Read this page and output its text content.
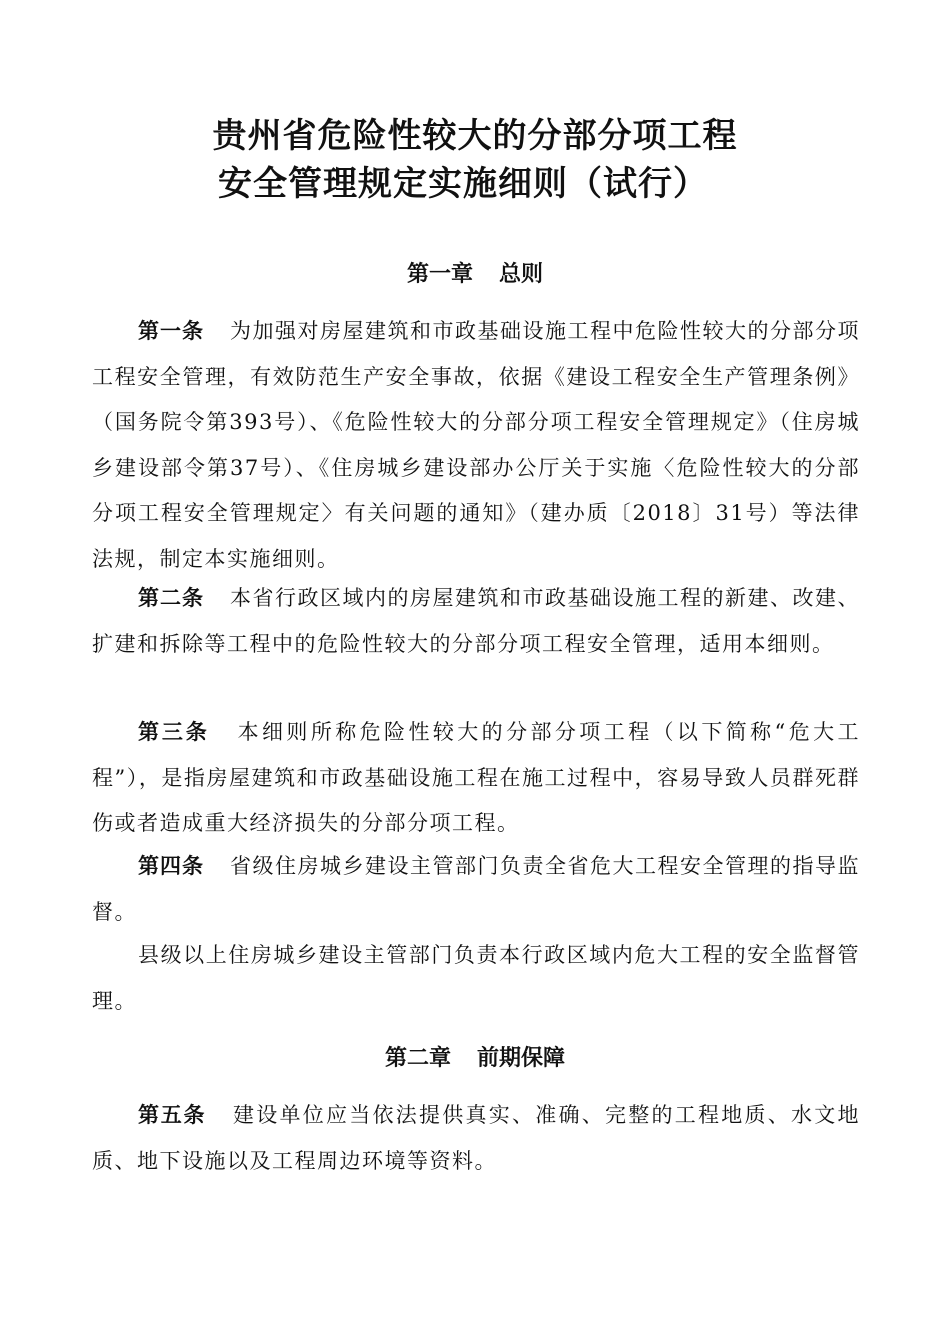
贵州省危险性较大的分部分项工程
安全管理规定实施细则（试行）
第一章 总则
第一条 为加强对房屋建筑和市政基础设施工程中危险性较大的分部分项工程安全管理，有效防范生产安全事故，依据《建设工程安全生产管理条例》（国务院令第393号）、《危险性较大的分部分项工程安全管理规定》（住房城乡建设部令第37号）、《住房城乡建设部办公厅关于实施〈危险性较大的分部分项工程安全管理规定〉有关问题的通知》（建办质〔2018〕31号）等法律法规，制定本实施细则。
第二条 本省行政区域内的房屋建筑和市政基础设施工程的新建、改建、扩建和拆除等工程中的危险性较大的分部分项工程安全管理，适用本细则。
第三条 本细则所称危险性较大的分部分项工程（以下简称“危大工程”），是指房屋建筑和市政基础设施工程在施工过程中，容易导致人员群死群伤或者造成重大经济损失的分部分项工程。
第四条 省级住房城乡建设主管部门负责全省危大工程安全管理的指导监督。
县级以上住房城乡建设主管部门负责本行政区域内危大工程的安全监督管理。
第二章 前期保障
第五条 建设单位应当依法提供真实、准确、完整的工程地质、水文地质、地下设施以及工程周边环境等资料。
